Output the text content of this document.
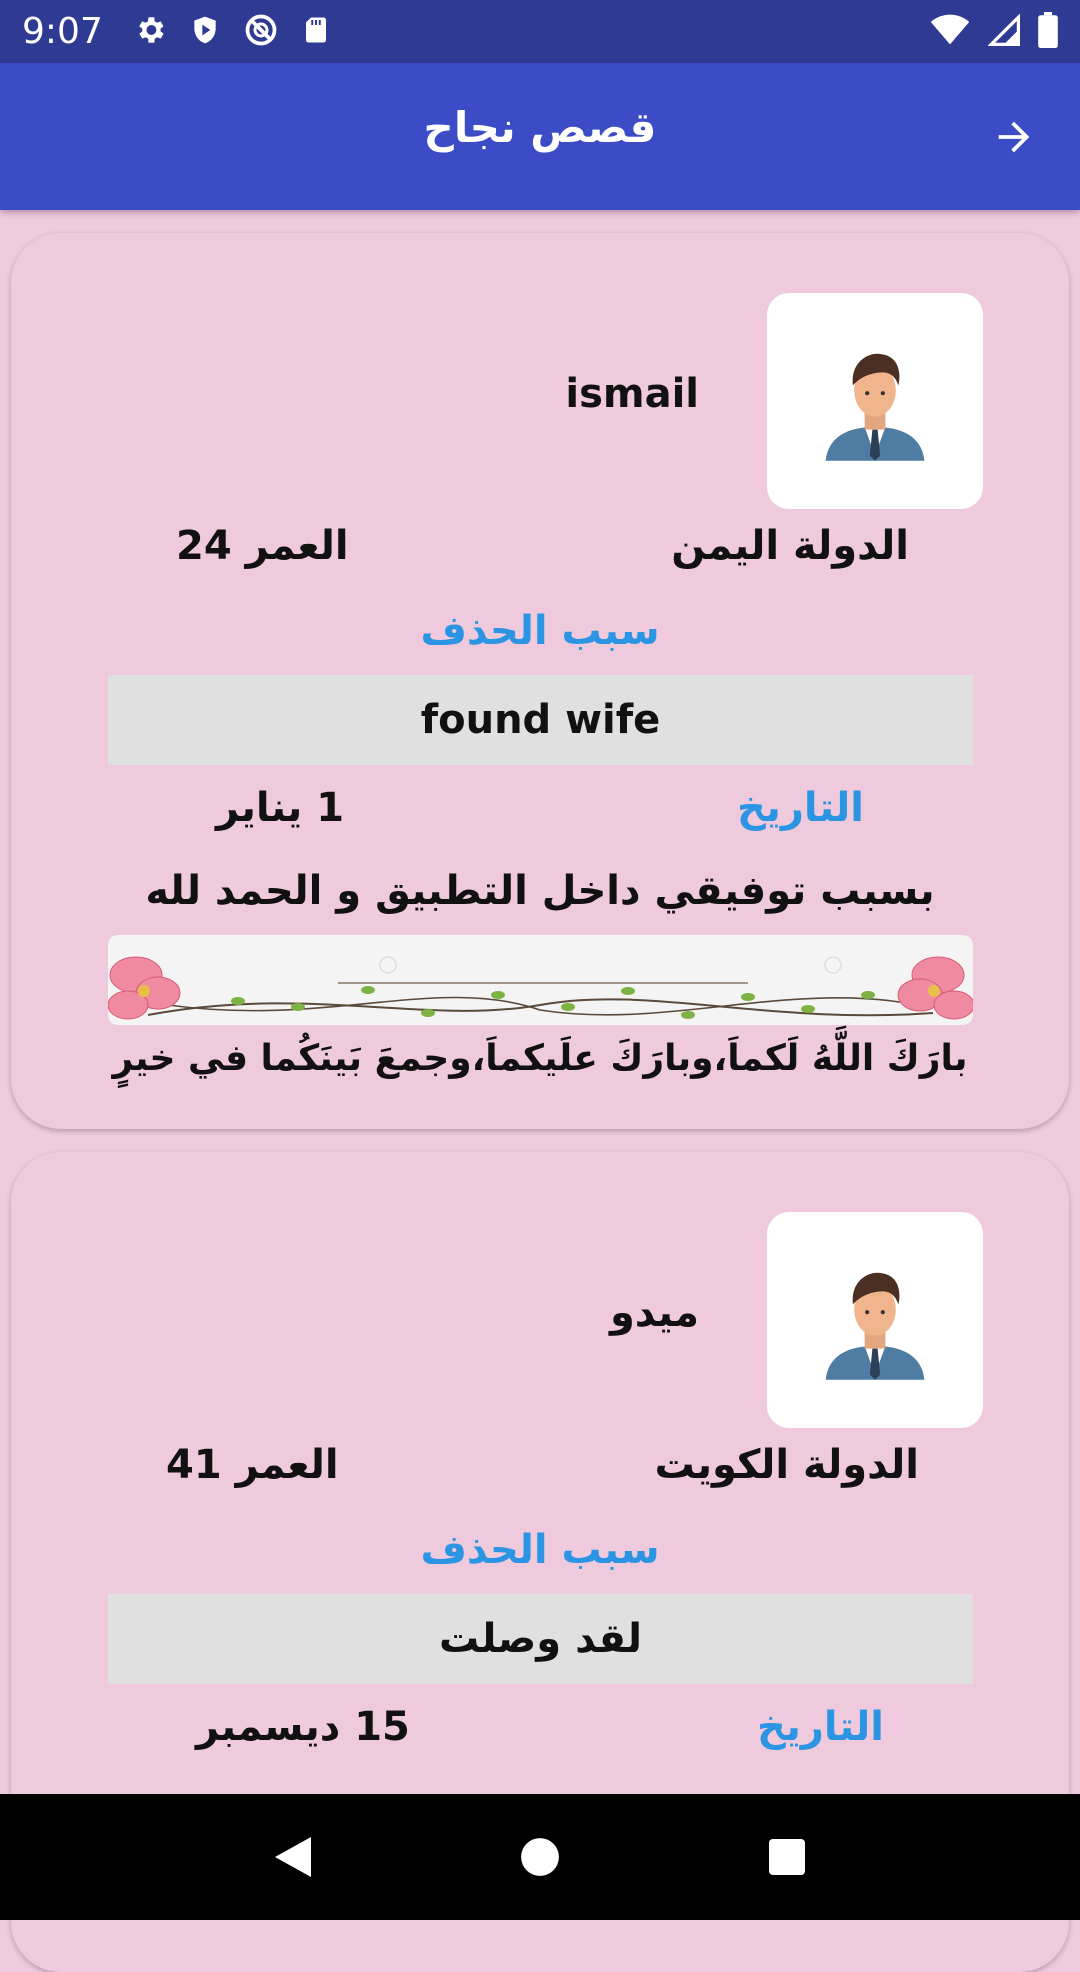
9:07
قصص نجاح
ismail
الدولة اليمن
العمر 24
سبب الحذف
found wife
التاريخ
1 يناير
بسبب توفيقي داخل التطبيق و الحمد لله
بارَكَ اللَّهُ لَكماَ،وبارَكَ علَيكماَ،وجمعَ بَينَكُما في خيرٍ
ميدو
الدولة الكويت
العمر 41
سبب الحذف
لقد وصلت
التاريخ
15 ديسمبر
